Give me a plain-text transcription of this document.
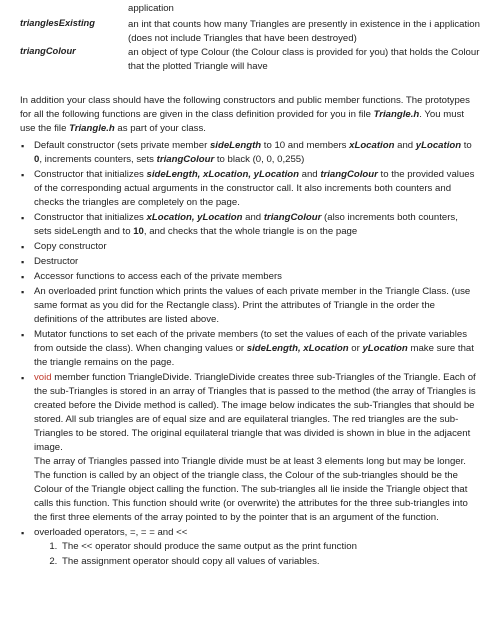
application
trianglesExisting	an int that counts how many Triangles are presently in existence in the i application (does not include Triangles that have been destroyed)
triangColour	an object of type Colour (the Colour class is provided for you) that holds the Colour that the plotted Triangle will have

In addition your class should have the following constructors and public member functions. The prototypes for all the following functions are given in the class definition provided for you in file Triangle.h. You must use the file Triangle.h as part of your class.

▪ Default constructor (sets private member sideLength to 10 and members xLocation and yLocation to 0, increments counters, sets triangColour to black (0, 0, 0,255)
▪ Constructor that initializes sideLength, xLocation, yLocation and triangColour to the provided values of the corresponding actual arguments in the constructor call. It also increments both counters and checks the triangles are completely on the page.
▪ Constructor that initializes xLocation, yLocation and triangColour (also increments both counters, sets sideLength and to 10, and checks that the whole triangle is on the page
▪ Copy constructor
▪ Destructor
▪ Accessor functions to access each of the private members
▪ An overloaded print function which prints the values of each private member in the Triangle Class. (use same format as you did for the Rectangle class). Print the attributes of Triangle in the order the definitions of the attributes are listed above.
▪ Mutator functions to set each of the private members (to set the values of each of the private variables from outside the class). When changing values or sideLength, xLocation or yLocation make sure that the triangle remains on the page.
▪ void member function TriangleDivide. TriangleDivide creates three sub-Triangles of the Triangle. Each of the sub-Triangles is stored in an array of Triangles that is passed to the method (the array of Triangles is created before the Divide method is called). The image below indicates the sub-Triangles that should be stored. All sub triangles are of equal size and are equilateral triangles. The red triangles are the sub-Triangles to be stored. The original equilateral triangle that was divided is shown in blue in the adjacent image.
The array of Triangles passed into Triangle divide must be at least 3 elements long but may be longer. The function is called by an object of the triangle class, the Colour of the sub-triangles should be the Colour of the Triangle object calling the function. The sub-triangles all lie inside the Triangle object that calls this function. This function should write (or overwrite) the attributes for the three sub-triangles into the first three elements of the array pointed to by the pointer that is an argument of the function.
▪ overloaded operators, =, = = and <<
1. The << operator should produce the same output as the print function
2. The assignment operator should copy all values of variables.
